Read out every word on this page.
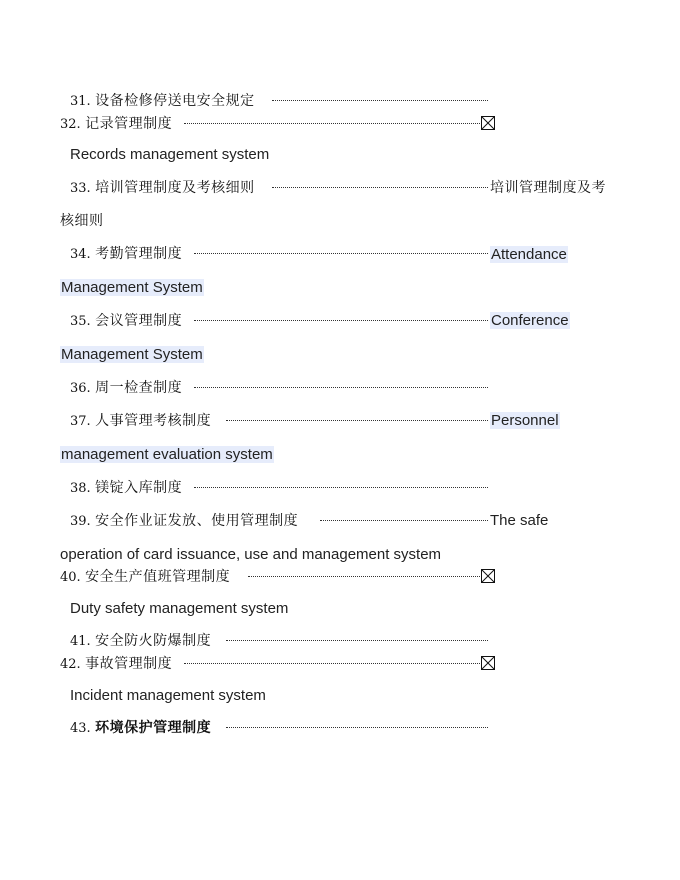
31. 设备检修停送电安全规定
32. 记录管理制度
Records management system
33. 培训管理制度及考核细则	培训管理制度及考
核细则
34. 考勤管理制度	Attendance
Management System
35. 会议管理制度	Conference
Management System
36. 周一检查制度
37. 人事管理考核制度	Personnel
management evaluation system
38. 镁锭入库制度
39. 安全作业证发放、使用管理制度	The safe
operation of card issuance, use and management system
40. 安全生产值班管理制度
Duty safety management system
41. 安全防火防爆制度
42. 事故管理制度
Incident management system
43. 环境保护管理制度
